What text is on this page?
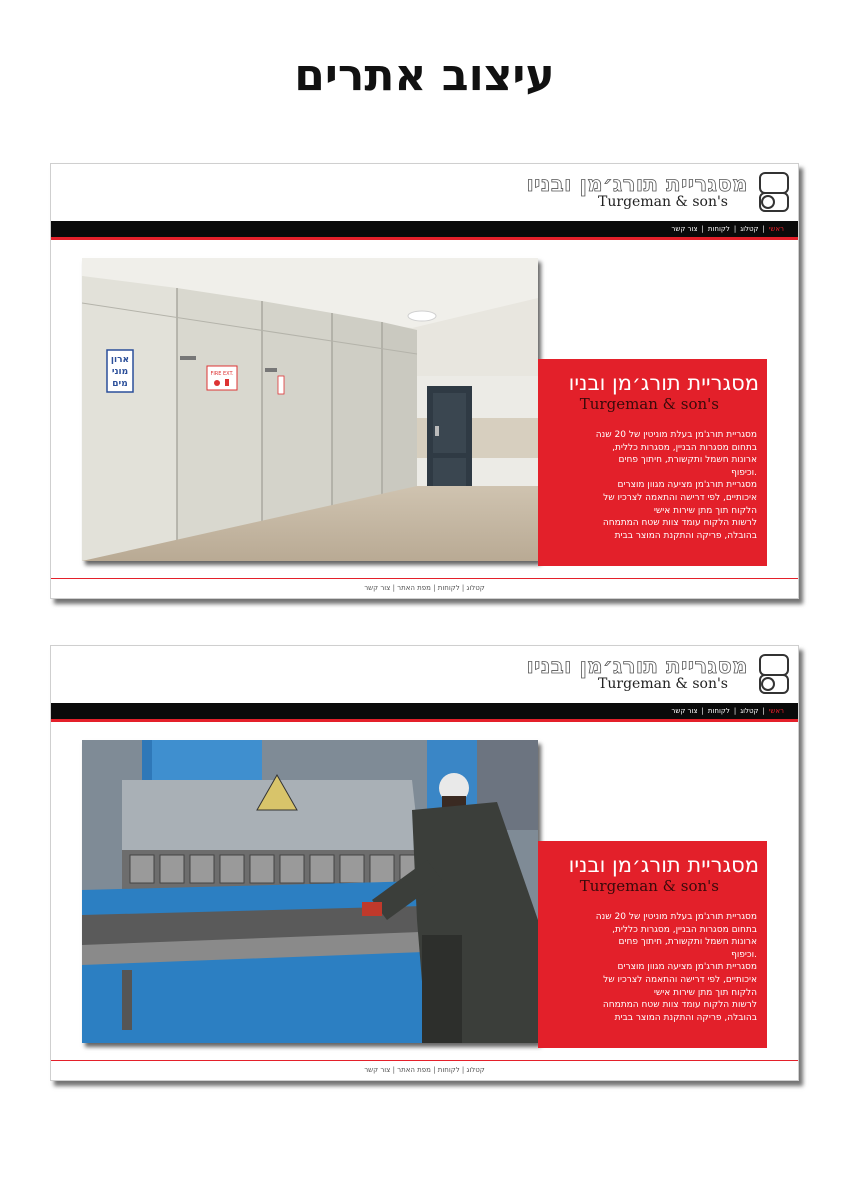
עיצוב אתרים
מסגריית תורג׳מן ובניו
Turgeman & son's
ראשי
|
קטלוג
|
לקוחות
|
צור קשר
ארון
מוני
מים
FIRE EXT.	מסגריית תורג׳מן ובניו
Turgeman & son's
מסגריית תורג'מן בעלת מוניטין של 20 שנה
בתחום מסגרות הבניין, מסגרות כללית,
ארונות חשמל ותקשורת, חיתוך פחים
.וכיפוף
מסגריית תורג'מן מציעה מגוון מוצרים
איכותיים, לפי דרישה והתאמה לצרכיו של
הלקוח תוך מתן שירות אישי
לרשות הלקוח עומד צוות שטח המתמחה
בהובלה, פריקה והתקנת המוצר בבית
קטלוג | לקוחות | מפת האתר | צור קשר
מסגריית תורג׳מן ובניו
Turgeman & son's
ראשי
|
קטלוג
|
לקוחות
|
צור קשר
מסגריית תורג׳מן ובניו
Turgeman & son's
מסגריית תורג'מן בעלת מוניטין של 20 שנה
בתחום מסגרות הבניין, מסגרות כללית,
ארונות חשמל ותקשורת, חיתוך פחים
.וכיפוף
מסגריית תורג'מן מציעה מגוון מוצרים
איכותיים, לפי דרישה והתאמה לצרכיו של
הלקוח תוך מתן שירות אישי
לרשות הלקוח עומד צוות שטח המתמחה
בהובלה, פריקה והתקנת המוצר בבית
קטלוג | לקוחות | מפת האתר | צור קשר
